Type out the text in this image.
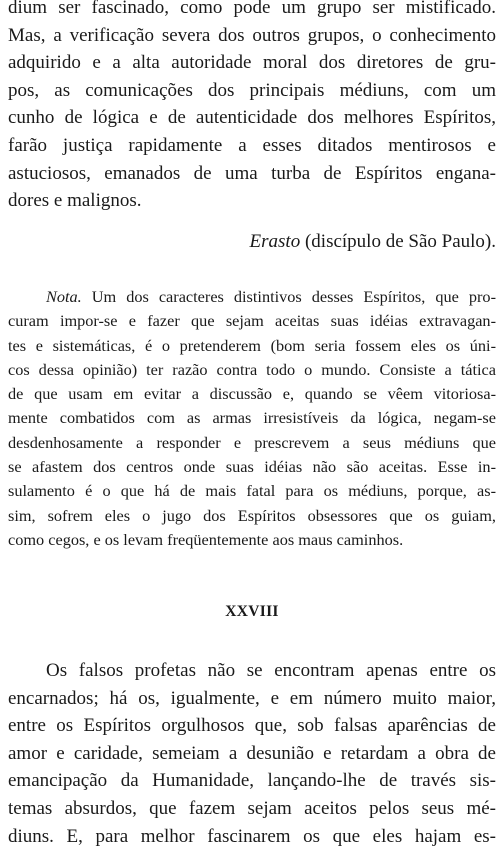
dium ser fascinado, como pode um grupo ser mistificado.
Mas, a verificação severa dos outros grupos, o conhecimento
adquirido e a alta autoridade moral dos diretores de gru-
pos, as comunicações dos principais médiuns, com um
cunho de lógica e de autenticidade dos melhores Espíritos,
farão justiça rapidamente a esses ditados mentirosos e
astuciosos, emanados de uma turba de Espíritos engana-
dores e malignos.
Erasto (discípulo de São Paulo).
Nota. Um dos caracteres distintivos desses Espíritos, que pro-
curam impor-se e fazer que sejam aceitas suas idéias extravagan-
tes e sistemáticas, é o pretenderem (bom seria fossem eles os úni-
cos dessa opinião) ter razão contra todo o mundo. Consiste a tática
de que usam em evitar a discussão e, quando se vêem vitoriosa-
mente combatidos com as armas irresistíveis da lógica, negam-se
desdenhosamente a responder e prescrevem a seus médiuns que
se afastem dos centros onde suas idéias não são aceitas. Esse in-
sulamento é o que há de mais fatal para os médiuns, porque, as-
sim, sofrem eles o jugo dos Espíritos obsessores que os guiam,
como cegos, e os levam freqüentemente aos maus caminhos.
XXVIII
Os falsos profetas não se encontram apenas entre os
encarnados; há os, igualmente, e em número muito maior,
entre os Espíritos orgulhosos que, sob falsas aparências de
amor e caridade, semeiam a desunião e retardam a obra de
emancipação da Humanidade, lançando-lhe de través sis-
temas absurdos, que fazem sejam aceitos pelos seus mé-
diuns. E, para melhor fascinarem os que eles hajam es-
